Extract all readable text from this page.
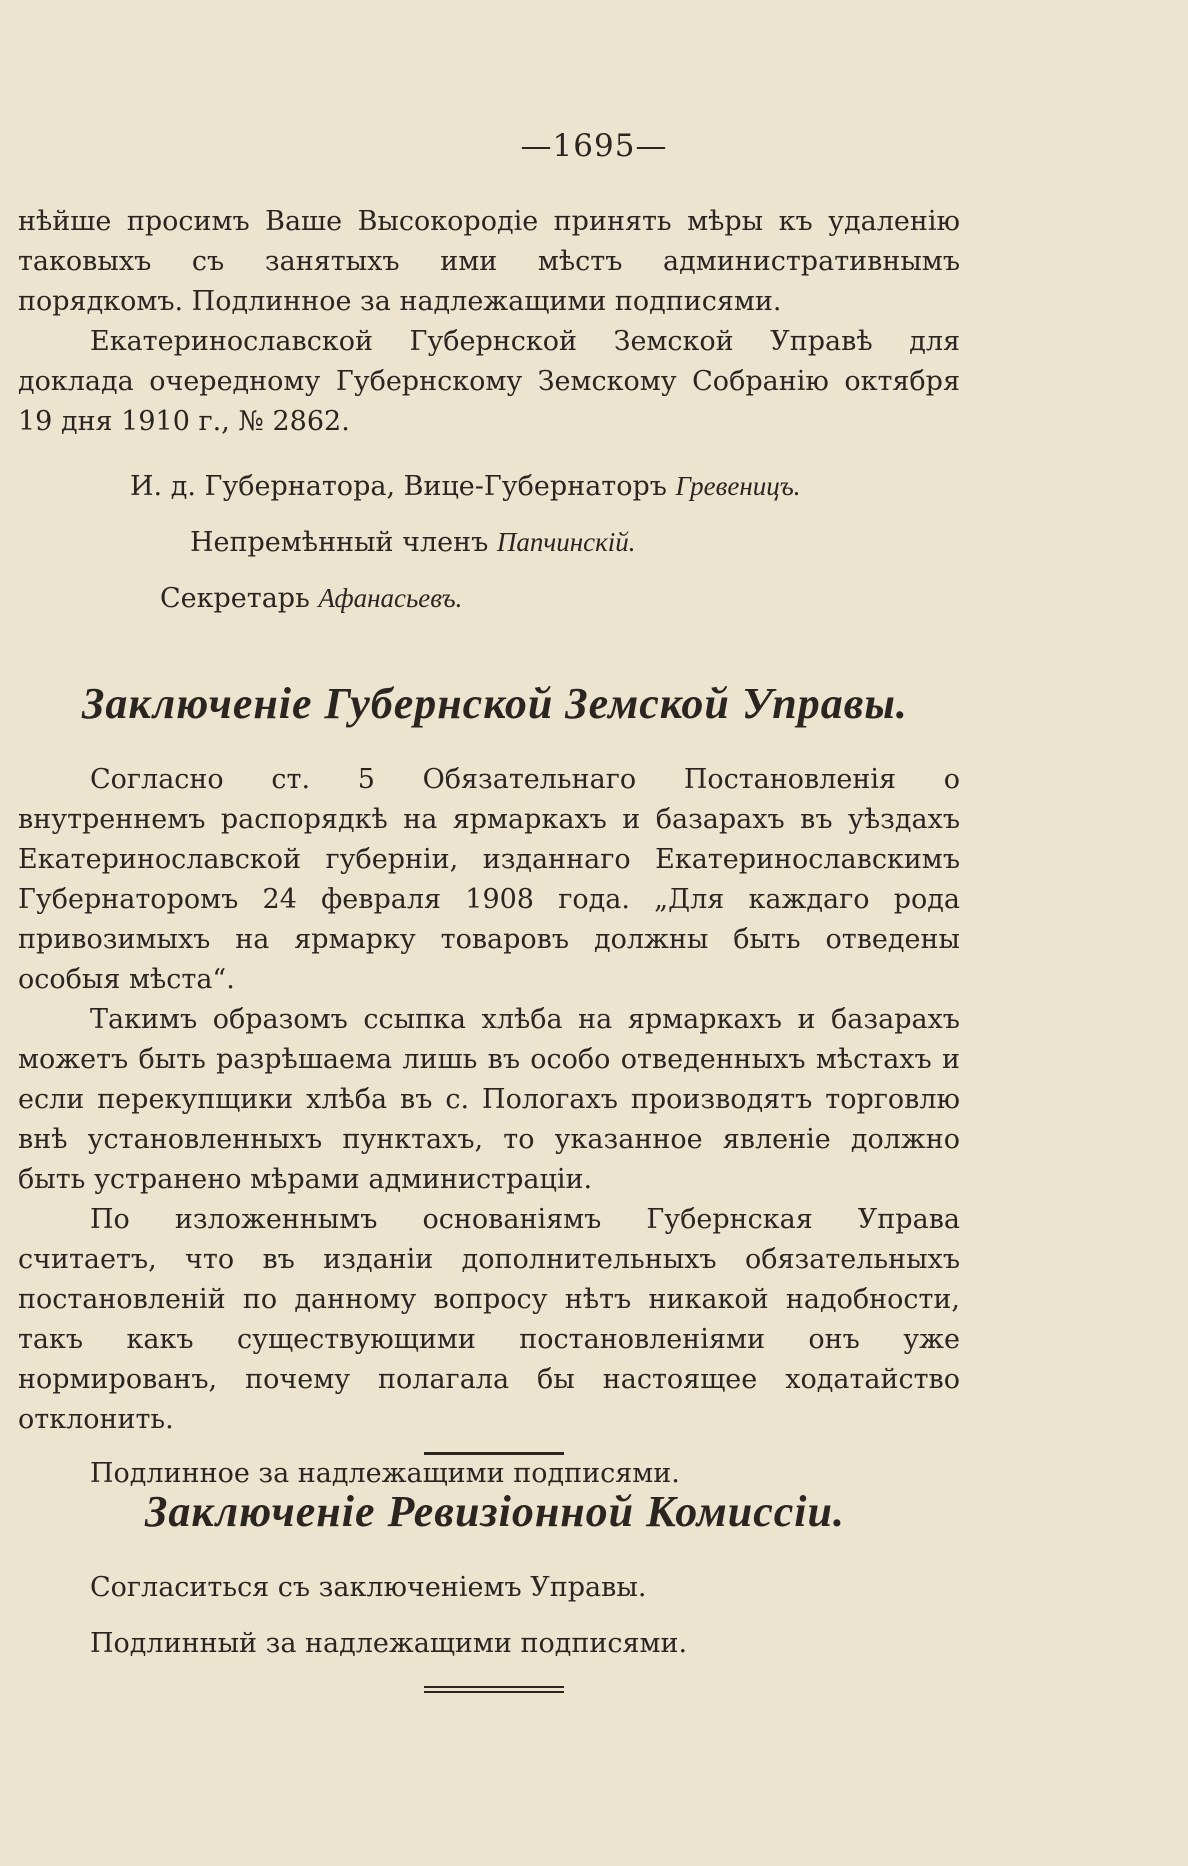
—1695—

нѣйше просимъ Ваше Высокородіе принять мѣры къ удаленію таковыхъ съ занятыхъ ими мѣстъ административнымъ порядкомъ. Подлинное за надлежащими подписями.

Екатеринославской Губернской Земской Управѣ для доклада очередному Губернскому Земскому Собранію октября 19 дня 1910 г., № 2862.

И. д. Губернатора, Вице-Губернаторъ Гревеницъ.
Непремѣнный членъ Папчинскій.
Секретарь Афанасьевъ.
Заключеніе Губернской Земской Управы.

Согласно ст. 5 Обязательнаго Постановленія о внутреннемъ распорядкѣ на ярмаркахъ и базарахъ въ уѣздахъ Екатеринославской губерніи, изданнаго Екатеринославскимъ Губернаторомъ 24 февраля 1908 года. „Для каждаго рода привозимыхъ на ярмарку товаровъ должны быть отведены особыя мѣста“.

Такимъ образомъ ссыпка хлѣба на ярмаркахъ и базарахъ можетъ быть разрѣшаема лишь въ особо отведенныхъ мѣстахъ и если перекупщики хлѣба въ с. Пологахъ производятъ торговлю внѣ установленныхъ пунктахъ, то указанное явленіе должно быть устранено мѣрами администраціи.

По изложеннымъ основаніямъ Губернская Управа считаетъ, что въ изданіи дополнительныхъ обязательныхъ постановленій по данному вопросу нѣтъ никакой надобности, такъ какъ существующими постановленіями онъ уже нормированъ, почему полагала бы настоящее ходатайство отклонить.

Подлинное за надлежащими подписями.

Заключеніе Ревизіонной Комиссіи.

Согласиться съ заключеніемъ Управы.

Подлинный за надлежащими подписями.
